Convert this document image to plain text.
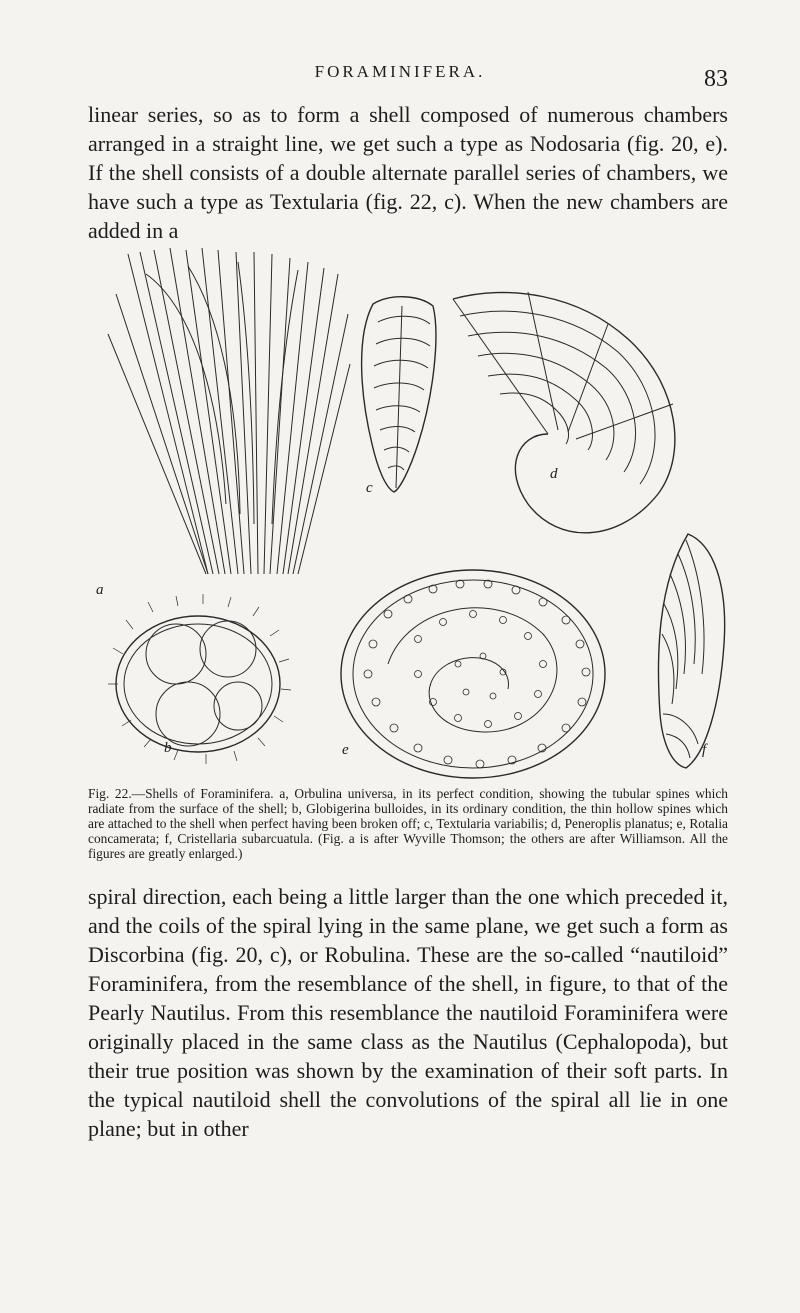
FORAMINIFERA.	83

linear series, so as to form a shell composed of numerous chambers arranged in a straight line, we get such a type as Nodosaria (fig. 20, e). If the shell consists of a double alternate parallel series of chambers, we have such a type as Textularia (fig. 22, c). When the new chambers are added in a

a
b
c
d
e	f

Fig. 22.—Shells of Foraminifera. a, Orbulina universa, in its perfect condition, showing the tubular spines which radiate from the surface of the shell; b, Globigerina bulloides, in its ordinary condition, the thin hollow spines which are attached to the shell when perfect having been broken off; c, Textularia variabilis; d, Peneroplis planatus; e, Rotalia concamerata; f, Cristellaria subarcuatula. (Fig. a is after Wyville Thomson; the others are after Williamson. All the figures are greatly enlarged.)

spiral direction, each being a little larger than the one which preceded it, and the coils of the spiral lying in the same plane, we get such a form as Discorbina (fig. 20, c), or Robulina. These are the so-called “nautiloid” Foraminifera, from the resemblance of the shell, in figure, to that of the Pearly Nautilus. From this resemblance the nautiloid Foraminifera were originally placed in the same class as the Nautilus (Cephalopoda), but their true position was shown by the examination of their soft parts. In the typical nautiloid shell the convolutions of the spiral all lie in one plane; but in other
